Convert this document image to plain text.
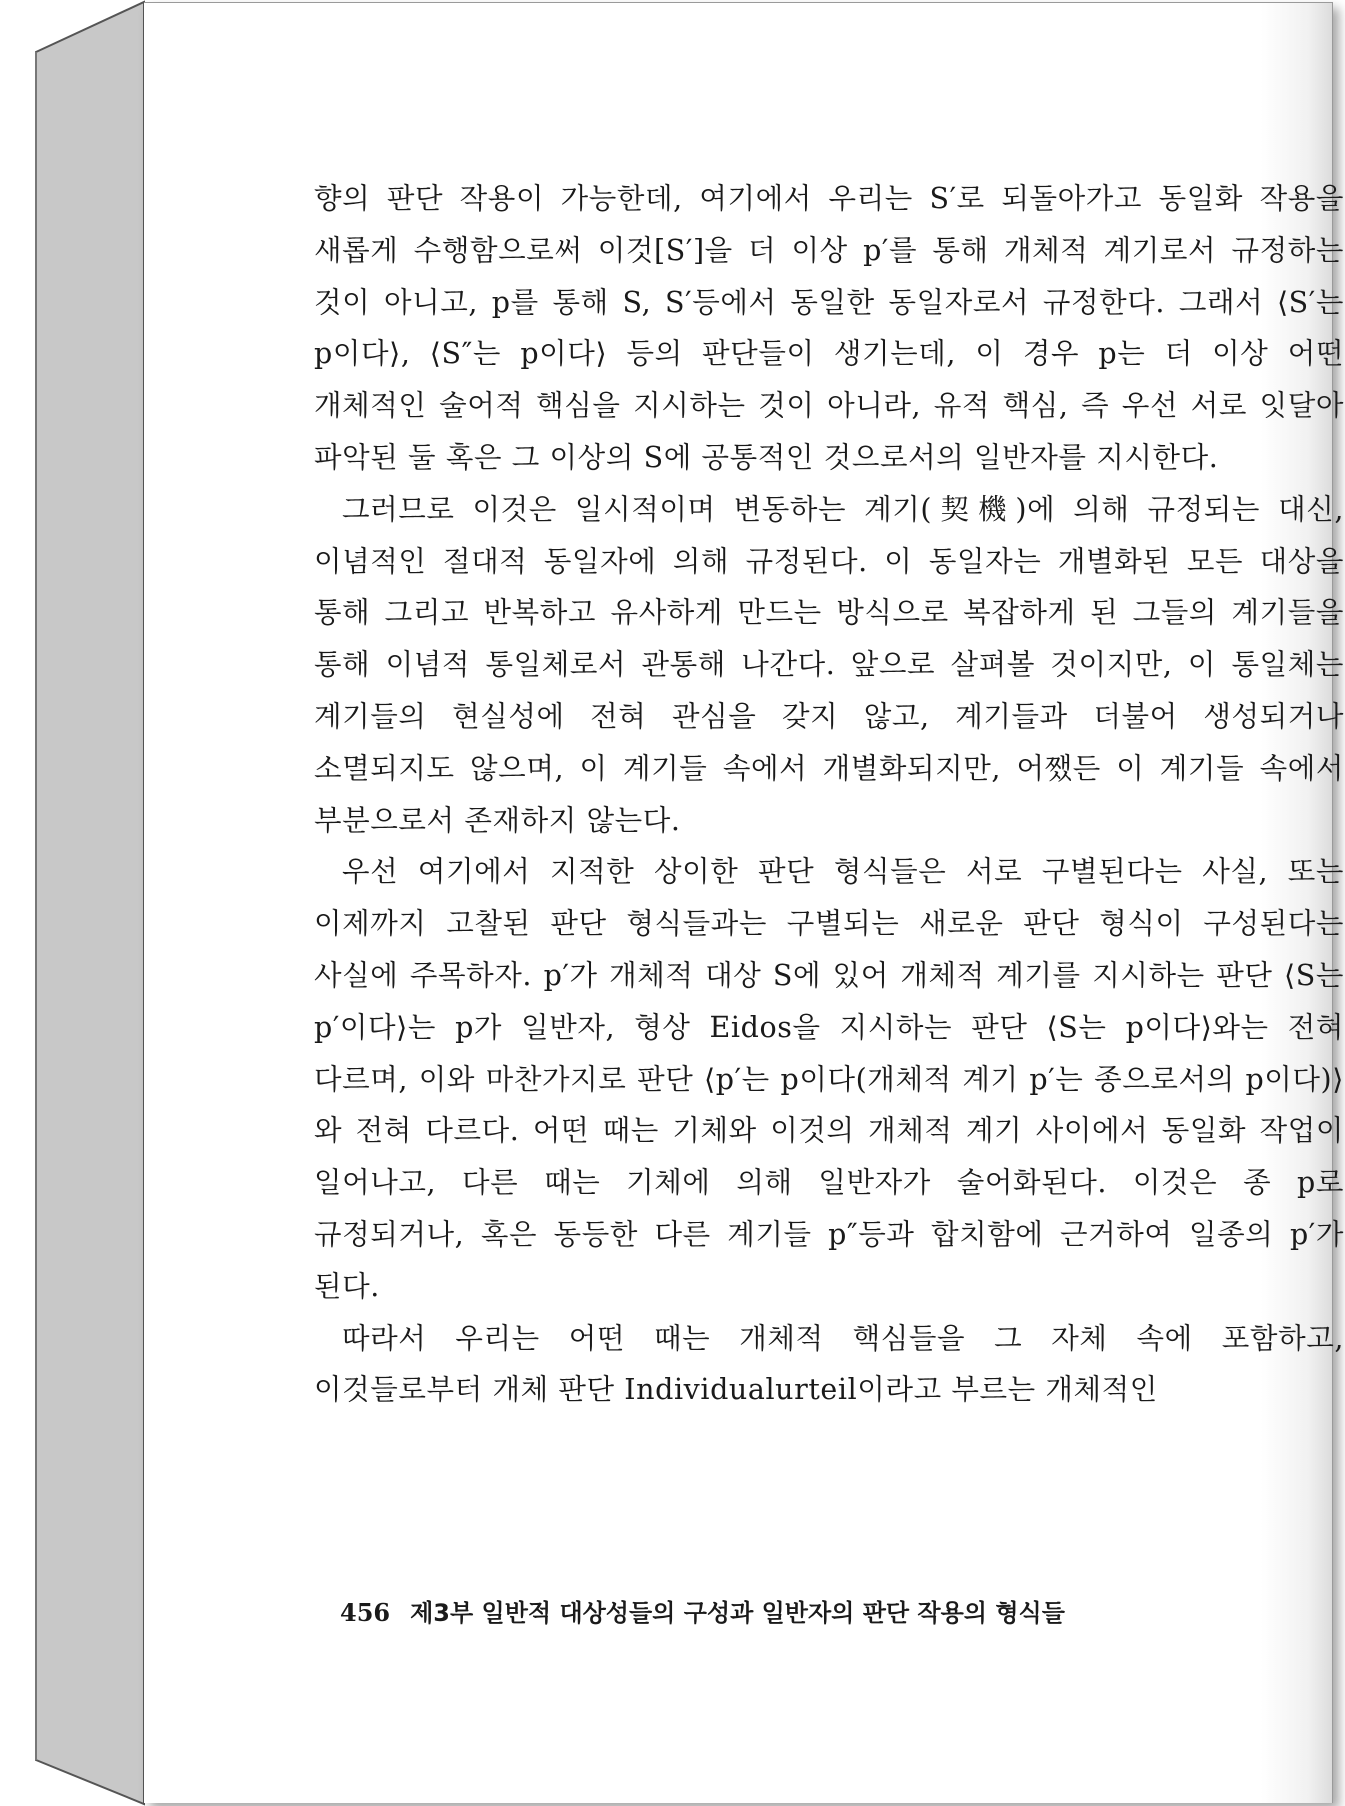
향의 판단 작용이 가능한데, 여기에서 우리는 S′로 되돌아가고 동일화 작용을 새롭게 수행함으로써 이것[S′]을 더 이상 p′를 통해 개체적 계기로서 규정하는 것이 아니고, p를 통해 S, S′등에서 동일한 동일자로서 규정한다. 그래서 ⟨S′는 p이다⟩, ⟨S″는 p이다⟩ 등의 판단들이 생기는데, 이 경우 p는 더 이상 어떤 개체적인 술어적 핵심을 지시하는 것이 아니라, 유적 핵심, 즉 우선 서로 잇달아 파악된 둘 혹은 그 이상의 S에 공통적인 것으로서의 일반자를 지시한다.

그러므로 이것은 일시적이며 변동하는 계기(契機)에 의해 규정되는 대신, 이념적인 절대적 동일자에 의해 규정된다. 이 동일자는 개별화된 모든 대상을 통해 그리고 반복하고 유사하게 만드는 방식으로 복잡하게 된 그들의 계기들을 통해 이념적 통일체로서 관통해 나간다. 앞으로 살펴볼 것이지만, 이 통일체는 계기들의 현실성에 전혀 관심을 갖지 않고, 계기들과 더불어 생성되거나 소멸되지도 않으며, 이 계기들 속에서 개별화되지만, 어쨌든 이 계기들 속에서 부분으로서 존재하지 않는다.

우선 여기에서 지적한 상이한 판단 형식들은 서로 구별된다는 사실, 또는 이제까지 고찰된 판단 형식들과는 구별되는 새로운 판단 형식이 구성된다는 사실에 주목하자. p′가 개체적 대상 S에 있어 개체적 계기를 지시하는 판단 ⟨S는 p′이다⟩는 p가 일반자, 형상 Eidos을 지시하는 판단 ⟨S는 p이다⟩와는 전혀 다르며, 이와 마찬가지로 판단 ⟨p′는 p이다(개체적 계기 p′는 종으로서의 p이다)⟩와 전혀 다르다. 어떤 때는 기체와 이것의 개체적 계기 사이에서 동일화 작업이 일어나고, 다른 때는 기체에 의해 일반자가 술어화된다. 이것은 종 p로 규정되거나, 혹은 동등한 다른 계기들 p″등과 합치함에 근거하여 일종의 p′가 된다.

따라서 우리는 어떤 때는 개체적 핵심들을 그 자체 속에 포함하고, 이것들로부터 개체 판단 Individualurteil이라고 부르는 개체적인

456 제3부 일반적 대상성들의 구성과 일반자의 판단 작용의 형식들
